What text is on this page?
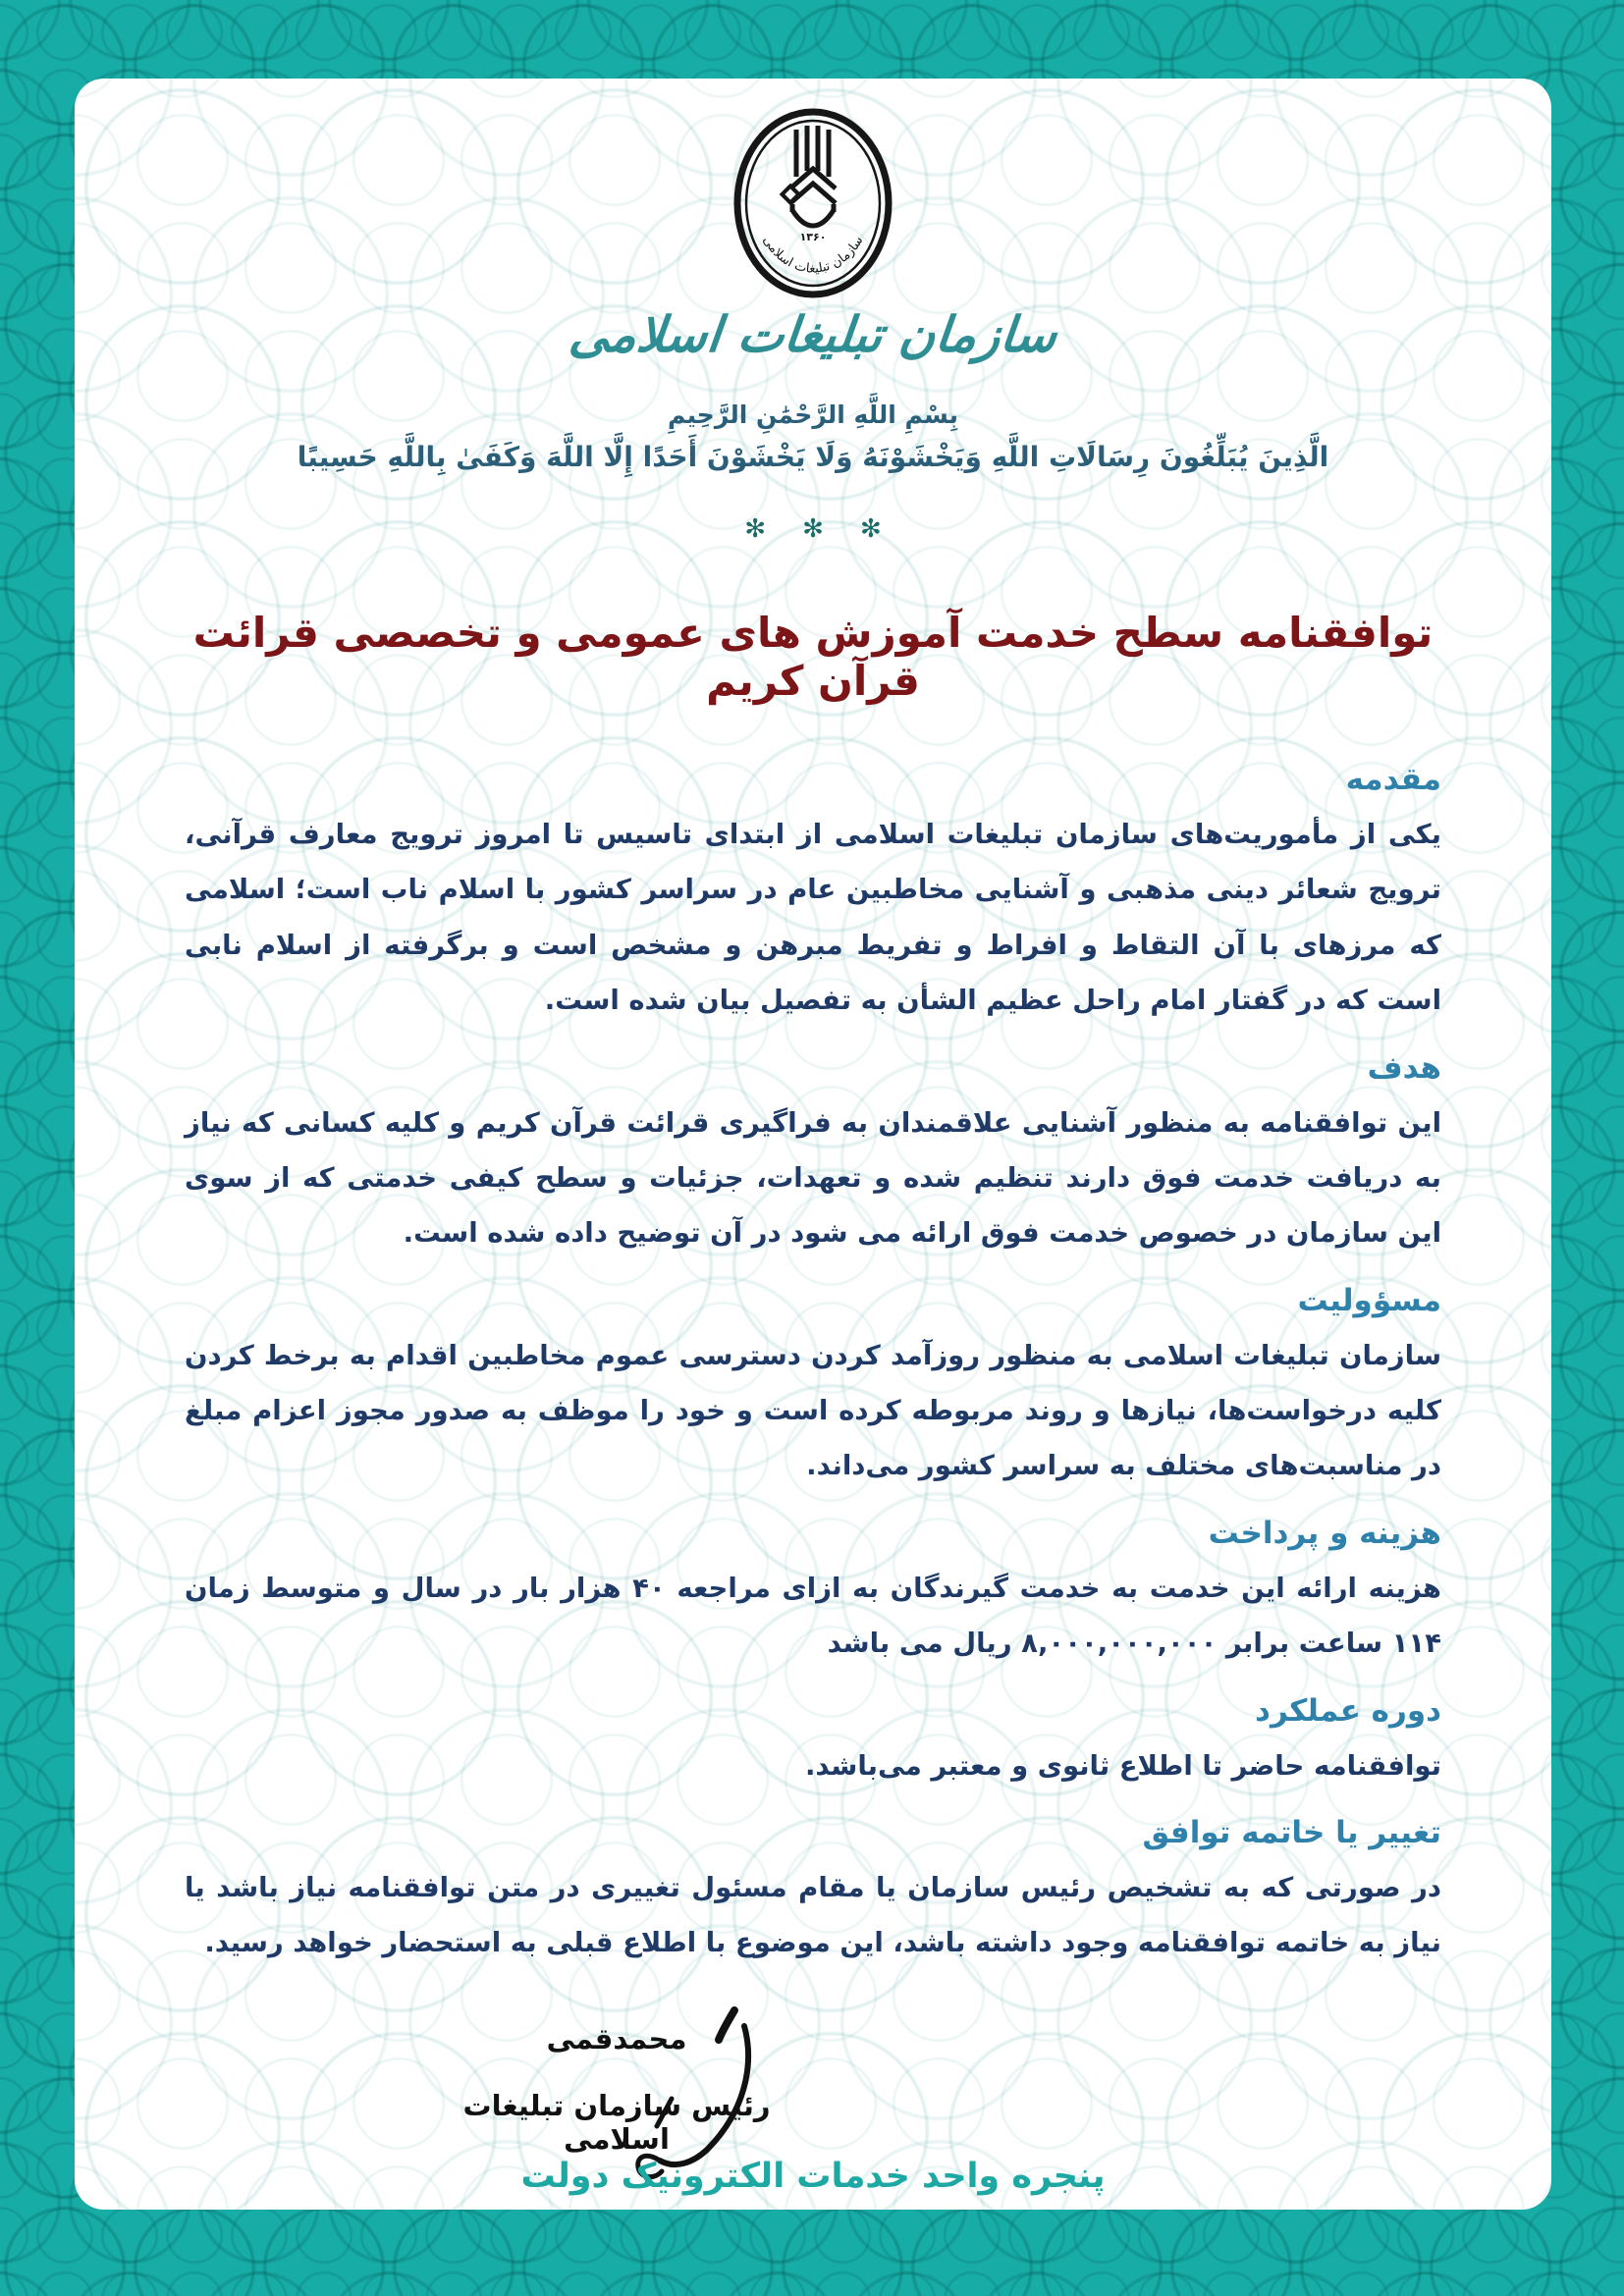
۱۳۶۰
سازمان تبلیغات اسلامی
سازمان تبلیغات اسلامی
بِسْمِ اللَّهِ الرَّحْمَٰنِ الرَّحِيمِ
الَّذِينَ يُبَلِّغُونَ رِسَالَاتِ اللَّهِ وَيَخْشَوْنَهُ وَلَا يَخْشَوْنَ أَحَدًا إِلَّا اللَّهَ وَكَفَىٰ بِاللَّهِ حَسِيبًا
✻ ✻ ✻
توافقنامه سطح خدمت آموزش های عمومی و تخصصی قرائت قرآن کریم
مقدمه

یکی از مأموریت‌های سازمان تبلیغات اسلامی از ابتدای تاسیس تا امروز ترویج معارف قرآنی، ترویج شعائر دینی مذهبی و آشنایی مخاطبین عام در سراسر کشور با اسلام ناب است؛ اسلامی که مرزهای با آن التقاط و افراط و تفریط مبرهن و مشخص است و برگرفته از اسلام نابی است که در گفتار امام راحل عظیم الشأن به تفصیل بیان شده است.

هدف

این توافقنامه به منظور آشنایی علاقمندان به فراگیری قرائت قرآن کریم و کلیه کسانی که نیاز به دریافت خدمت فوق دارند تنظیم شده و تعهدات، جزئیات و سطح کیفی خدمتی که از سوی این سازمان در خصوص خدمت فوق ارائه می شود در آن توضیح داده شده است.

مسؤولیت

سازمان تبلیغات اسلامی به منظور روزآمد کردن دسترسی عموم مخاطبین اقدام به برخط کردن کلیه درخواست‌ها، نیازها و روند مربوطه کرده است و خود را موظف به صدور مجوز اعزام مبلغ در مناسبت‌های مختلف به سراسر کشور می‌داند.

هزینه و پرداخت

هزینه ارائه این خدمت به خدمت گیرندگان به ازای مراجعه ۴۰ هزار بار در سال و متوسط زمان ۱۱۴ ساعت برابر ۸,۰۰۰,۰۰۰,۰۰۰ ریال می باشد

دوره عملکرد

توافقنامه حاضر تا اطلاع ثانوی و معتبر می‌باشد.

تغییر یا خاتمه توافق

در صورتی که به تشخیص رئیس سازمان یا مقام مسئول تغییری در متن توافقنامه نیاز باشد یا نیاز به خاتمه توافقنامه وجود داشته باشد، این موضوع با اطلاع قبلی به استحضار خواهد رسید.

محمدقمی

رئیس سازمان تبلیغات اسلامی

پنجره واحد خدمات الکترونیک دولت
